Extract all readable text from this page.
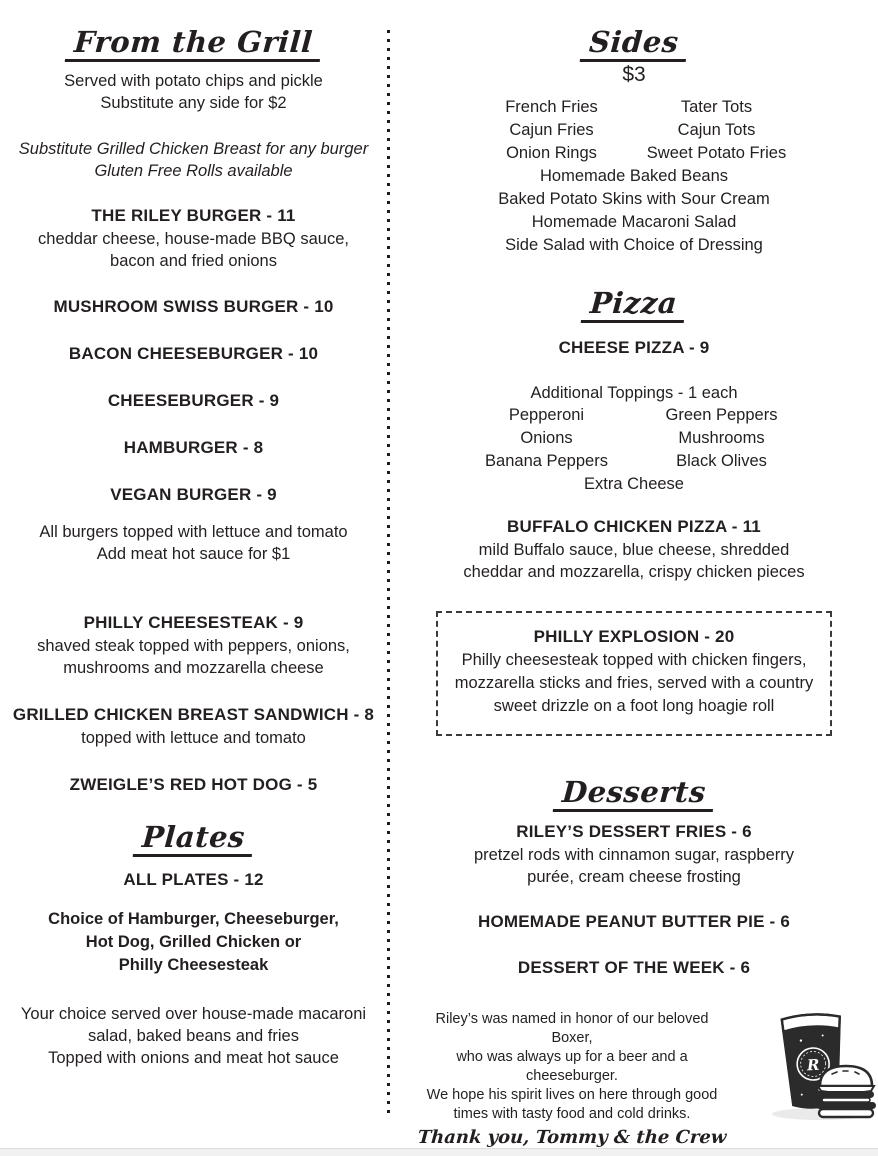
From the Grill
Served with potato chips and pickle
Substitute any side for $2
Substitute Grilled Chicken Breast for any burger
Gluten Free Rolls available
THE RILEY BURGER - 11
cheddar cheese, house-made BBQ sauce,
bacon and fried onions
MUSHROOM SWISS BURGER - 10
BACON CHEESEBURGER - 10
CHEESEBURGER - 9
HAMBURGER - 8
VEGAN BURGER - 9
All burgers topped with lettuce and tomato
Add meat hot sauce for $1
PHILLY CHEESESTEAK - 9
shaved steak topped with peppers, onions,
mushrooms and mozzarella cheese
GRILLED CHICKEN BREAST SANDWICH - 8
topped with lettuce and tomato
ZWEIGLE’S RED HOT DOG - 5
Plates
ALL PLATES - 12
Choice of Hamburger, Cheeseburger,
Hot Dog, Grilled Chicken or
Philly Cheesesteak
Your choice served over house-made macaroni
salad, baked beans and fries
Topped with onions and meat hot sauce
Sides
$3
French Fries	Tater Tots
Cajun Fries	Cajun Tots
Onion Rings	Sweet Potato Fries
Homemade Baked Beans
Baked Potato Skins with Sour Cream
Homemade Macaroni Salad
Side Salad with Choice of Dressing
Pizza
CHEESE PIZZA - 9
Additional Toppings - 1 each
Pepperoni	Green Peppers
Onions	Mushrooms
Banana Peppers	Black Olives
Extra Cheese
BUFFALO CHICKEN PIZZA - 11
mild Buffalo sauce, blue cheese, shredded
cheddar and mozzarella, crispy chicken pieces
PHILLY EXPLOSION - 20
Philly cheesesteak topped with chicken fingers,
mozzarella sticks and fries, served with a country
sweet drizzle on a foot long hoagie roll
Desserts
RILEY’S DESSERT FRIES - 6
pretzel rods with cinnamon sugar, raspberry
purée, cream cheese frosting
HOMEMADE PEANUT BUTTER PIE - 6
DESSERT OF THE WEEK - 6
Riley’s was named in honor of our beloved Boxer,
who was always up for a beer and a cheeseburger.
We hope his spirit lives on here through good
times with tasty food and cold drinks.
Thank you, Tommy & the Crew
R
